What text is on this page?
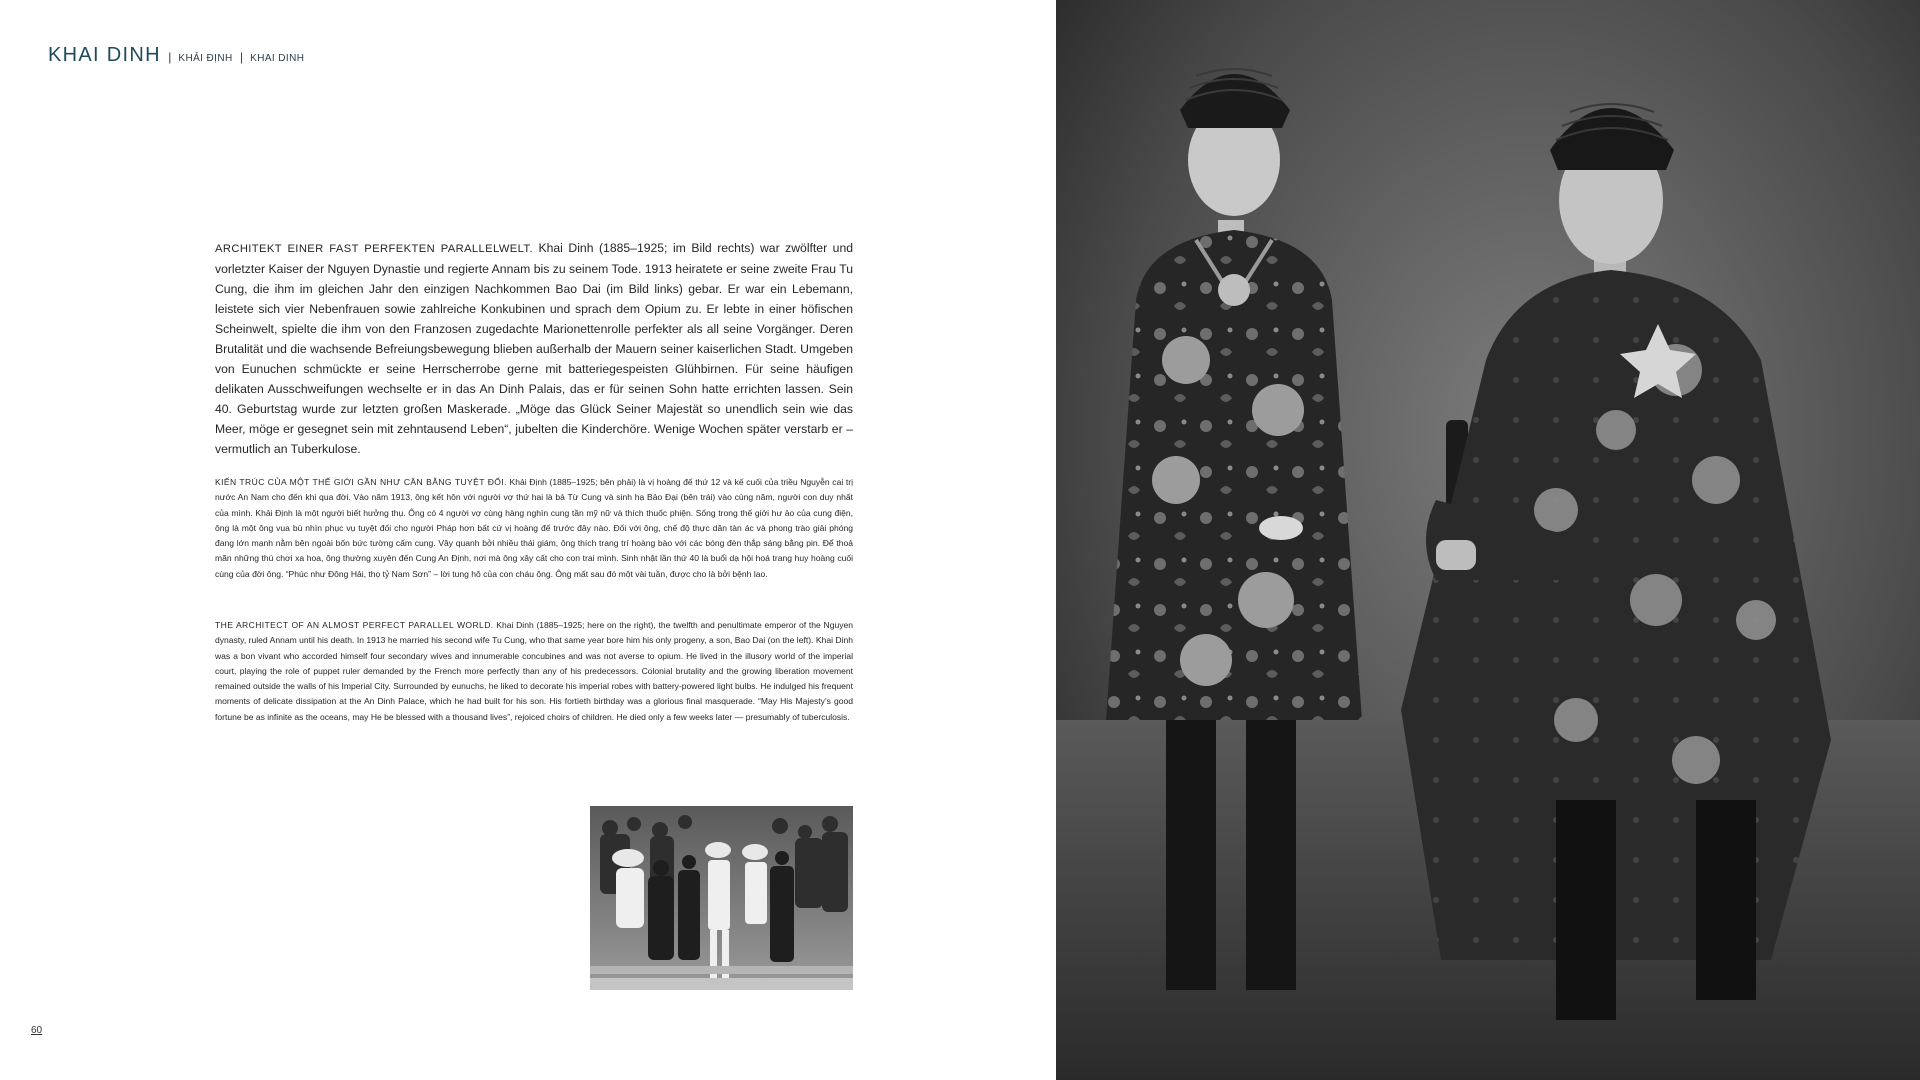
KHAI DINH | KHẢI ĐỊNH | KHAI DINH

ARCHITEKT EINER FAST PERFEKTEN PARALLELWELT. Khai Dinh (1885–1925; im Bild rechts) war zwölfter und vorletzter Kaiser der Nguyen Dynastie und regierte Annam bis zu seinem Tode. 1913 heiratete er seine zweite Frau Tu Cung, die ihm im gleichen Jahr den einzigen Nachkommen Bao Dai (im Bild links) gebar. Er war ein Lebemann, leistete sich vier Nebenfrauen sowie zahlreiche Konkubinen und sprach dem Opium zu. Er lebte in einer höfischen Scheinwelt, spielte die ihm von den Franzosen zugedachte Marionettenrolle perfekter als all seine Vorgänger. Deren Brutalität und die wachsende Befreiungsbewegung blieben außerhalb der Mauern seiner kaiserlichen Stadt. Umgeben von Eunuchen schmückte er seine Herrscherrobe gerne mit batteriegespeisten Glühbirnen. Für seine häufigen delikaten Ausschweifungen wechselte er in das An Dinh Palais, das er für seinen Sohn hatte errichten lassen. Sein 40. Geburtstag wurde zur letzten großen Maskerade. „Möge das Glück Seiner Majestät so unendlich sein wie das Meer, möge er gesegnet sein mit zehntausend Leben“, jubelten die Kinderchöre. Wenige Wochen später verstarb er – vermutlich an Tuberkulose.

KIẾN TRÚC CỦA MỘT THẾ GIỚI GẦN NHƯ CÂN BẰNG TUYỆT ĐỐI. Khải Định (1885–1925; bên phải) là vị hoàng đế thứ 12 và kế cuối của triều Nguyễn cai trị nước An Nam cho đến khi qua đời. Vào năm 1913, ông kết hôn với người vợ thứ hai là bà Từ Cung và sinh hạ Bảo Đại (bên trái) vào cùng năm, người con duy nhất của mình. Khải Định là một người biết hưởng thụ. Ông có 4 người vợ cùng hàng nghìn cung tần mỹ nữ và thích thuốc phiện. Sống trong thế giới hư ảo của cung điện, ông là một ông vua bù nhìn phục vụ tuyệt đối cho người Pháp hơn bất cứ vị hoàng đế trước đây nào. Đối với ông, chế độ thực dân tàn ác và phong trào giải phóng đang lớn mạnh nằm bên ngoài bốn bức tường cấm cung. Vây quanh bởi nhiều thái giám, ông thích trang trí hoàng bào với các bóng đèn thắp sáng bằng pin. Để thoả mãn những thú chơi xa hoa, ông thường xuyên đến Cung An Định, nơi mà ông xây cất cho con trai mình. Sinh nhật lần thứ 40 là buổi dạ hội hoá trang huy hoàng cuối cùng của đời ông. “Phúc như Đông Hải, thọ tỷ Nam Sơn” – lời tung hô của con cháu ông. Ông mất sau đó một vài tuần, được cho là bởi bệnh lao.

THE ARCHITECT OF AN ALMOST PERFECT PARALLEL WORLD. Khai Dinh (1885–1925; here on the right), the twelfth and penultimate emperor of the Nguyen dynasty, ruled Annam until his death. In 1913 he married his second wife Tu Cung, who that same year bore him his only progeny, a son, Bao Dai (on the left). Khai Dinh was a bon vivant who accorded himself four secondary wives and innumerable concubines and was not averse to opium. He lived in the illusory world of the imperial court, playing the role of puppet ruler demanded by the French more perfectly than any of his predecessors. Colonial brutality and the growing liberation movement remained outside the walls of his Imperial City. Surrounded by eunuchs, he liked to decorate his imperial robes with battery-powered light bulbs. He indulged his frequent moments of delicate dissipation at the An Dinh Palace, which he had built for his son. His fortieth birthday was a glorious final masquerade. “May His Majesty’s good fortune be as infinite as the oceans, may He be blessed with a thousand lives”, rejoiced choirs of children. He died only a few weeks later — presumably of tuberculosis.

60
